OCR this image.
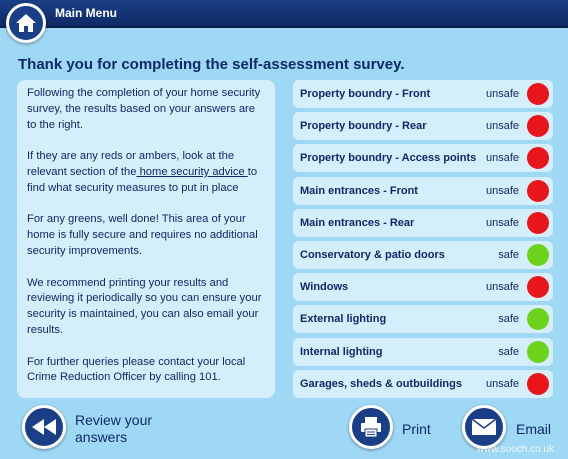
Main Menu
Thank you for completing the self-assessment survey.

Following the completion of your home security survey, the results based on your answers are to the right.

If they are any reds or ambers, look at the relevant section of the home security advice to find what security measures to put in place

For any greens, well done! This area of your home is fully secure and requires no additional security improvements.

We recommend printing your results and reviewing it periodically so you can ensure your security is maintained, you can also email your results.

For further queries please contact your local Crime Reduction Officer by calling 101.

Property boundry - Front	unsafe
Property boundry - Rear	unsafe
Property boundry - Access points unsafe
Main entrances - Front	unsafe
Main entrances - Rear	unsafe
Conservatory & patio doors	safe
Windows	unsafe
External lighting	safe
Internal lighting	safe
Garages, sheds & outbuildings unsafe
Review your
answers	Print	Email
www.sooch.co.uk
